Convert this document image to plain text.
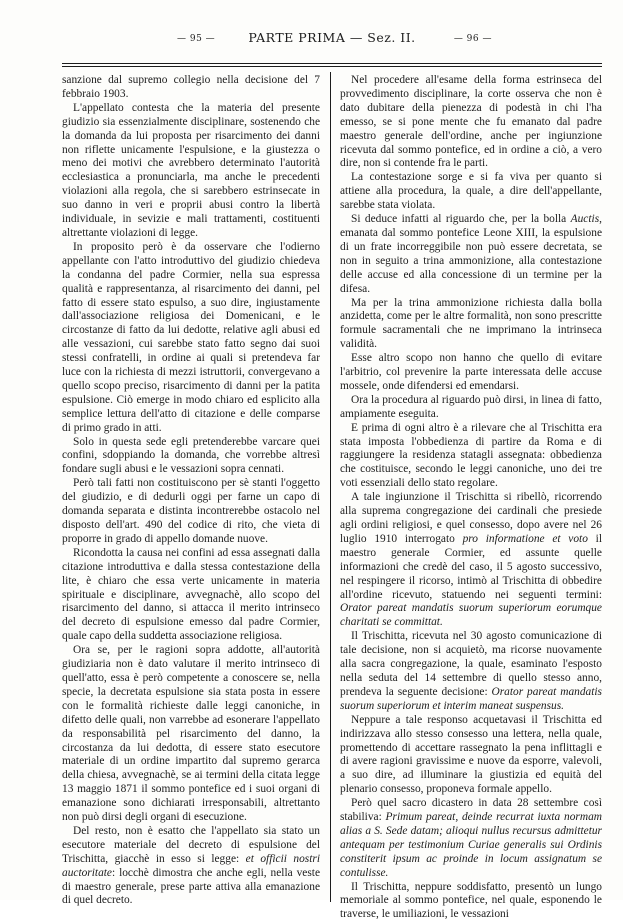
— 95 —	PARTE PRIMA — Sez. II.	— 96 —

sanzione dal supremo collegio nella decisione del 7 febbraio 1903.

L'appellato contesta che la materia del presente giudizio sia essenzialmente disciplinare, sostenendo che la domanda da lui proposta per risarcimento dei danni non riflette unicamente l'espulsione, e la giustezza o meno dei motivi che avrebbero determinato l'autorità ecclesiastica a pronunciarla, ma anche le precedenti violazioni alla regola, che si sarebbero estrinsecate in suo danno in veri e proprii abusi contro la libertà individuale, in sevizie e mali trattamenti, costituenti altrettante violazioni di legge.

In proposito però è da osservare che l'odierno appellante con l'atto introduttivo del giudizio chiedeva la condanna del padre Cormier, nella sua espressa qualità e rappresentanza, al risarcimento dei danni, pel fatto di essere stato espulso, a suo dire, ingiustamente dall'associazione religiosa dei Domenicani, e le circostanze di fatto da lui dedotte, relative agli abusi ed alle vessazioni, cui sarebbe stato fatto segno dai suoi stessi confratelli, in ordine ai quali si pretendeva far luce con la richiesta di mezzi istruttorii, convergevano a quello scopo preciso, risarcimento di danni per la patita espulsione. Ciò emerge in modo chiaro ed esplicito alla semplice lettura dell'atto di citazione e delle comparse di primo grado in atti.

Solo in questa sede egli pretenderebbe varcare quei confini, sdoppiando la domanda, che vorrebbe altresì fondare sugli abusi e le vessazioni sopra cennati.

Però tali fatti non costituiscono per sè stanti l'oggetto del giudizio, e di dedurli oggi per farne un capo di domanda separata e distinta incontrerebbe ostacolo nel disposto dell'art. 490 del codice di rito, che vieta di proporre in grado di appello domande nuove.

Ricondotta la causa nei confini ad essa assegnati dalla citazione introduttiva e dalla stessa contestazione della lite, è chiaro che essa verte unicamente in materia spirituale e disciplinare, avvegnachè, allo scopo del risarcimento del danno, si attacca il merito intrinseco del decreto di espulsione emesso dal padre Cormier, quale capo della suddetta associazione religiosa.

Ora se, per le ragioni sopra addotte, all'autorità giudiziaria non è dato valutare il merito intrinseco di quell'atto, essa è però competente a conoscere se, nella specie, la decretata espulsione sia stata posta in essere con le formalità richieste dalle leggi canoniche, in difetto delle quali, non varrebbe ad esonerare l'appellato da responsabilità pel risarcimento del danno, la circostanza da lui dedotta, di essere stato esecutore materiale di un ordine impartito dal supremo gerarca della chiesa, avvegnachè, se ai termini della citata legge 13 maggio 1871 il sommo pontefice ed i suoi organi di emanazione sono dichiarati irresponsabili, altrettanto non può dirsi degli organi di esecuzione.

Del resto, non è esatto che l'appellato sia stato un esecutore materiale del decreto di espulsione del Trischitta, giacchè in esso si legge: et officii nostri auctoritate: locchè dimostra che anche egli, nella veste di maestro generale, prese parte attiva alla emanazione di quel decreto.

Nel procedere all'esame della forma estrinseca del provvedimento disciplinare, la corte osserva che non è dato dubitare della pienezza di podestà in chi l'ha emesso, se si pone mente che fu emanato dal padre maestro generale dell'ordine, anche per ingiunzione ricevuta dal sommo pontefice, ed in ordine a ciò, a vero dire, non si contende fra le parti.

La contestazione sorge e si fa viva per quanto si attiene alla procedura, la quale, a dire dell'appellante, sarebbe stata violata.

Si deduce infatti al riguardo che, per la bolla Auctis, emanata dal sommo pontefice Leone XIII, la espulsione di un frate incorreggibile non può essere decretata, se non in seguito a trina ammonizione, alla contestazione delle accuse ed alla concessione di un termine per la difesa.

Ma per la trina ammonizione richiesta dalla bolla anzidetta, come per le altre formalità, non sono prescritte formule sacramentali che ne imprimano la intrinseca validità.

Esse altro scopo non hanno che quello di evitare l'arbitrio, col prevenire la parte interessata delle accuse mossele, onde difendersi ed emendarsi.

Ora la procedura al riguardo può dirsi, in linea di fatto, ampiamente eseguita.

E prima di ogni altro è a rilevare che al Trischitta era stata imposta l'obbedienza di partire da Roma e di raggiungere la residenza statagli assegnata: obbedienza che costituisce, secondo le leggi canoniche, uno dei tre voti essenziali dello stato regolare.

A tale ingiunzione il Trischitta si ribellò, ricorrendo alla suprema congregazione dei cardinali che presiede agli ordini religiosi, e quel consesso, dopo avere nel 26 luglio 1910 interrogato pro informatione et voto il maestro generale Cormier, ed assunte quelle informazioni che credè del caso, il 5 agosto successivo, nel respingere il ricorso, intimò al Trischitta di obbedire all'ordine ricevuto, statuendo nei seguenti termini: Orator pareat mandatis suorum superiorum eorumque charitati se committat.

Il Trischitta, ricevuta nel 30 agosto comunicazione di tale decisione, non si acquietò, ma ricorse nuovamente alla sacra congregazione, la quale, esaminato l'esposto nella seduta del 14 settembre di quello stesso anno, prendeva la seguente decisione: Orator pareat mandatis suorum superiorum et interim maneat suspensus.

Neppure a tale responso acquetavasi il Trischitta ed indirizzava allo stesso consesso una lettera, nella quale, promettendo di accettare rassegnato la pena inflittagli e di avere ragioni gravissime e nuove da esporre, valevoli, a suo dire, ad illuminare la giustizia ed equità del plenario consesso, proponeva formale appello.

Però quel sacro dicastero in data 28 settembre così stabiliva: Primum pareat, deinde recurrat iuxta normam alias a S. Sede datam; alioqui nullus recursus admittetur antequam per testimonium Curiae generalis sui Ordinis constiterit ipsum ac proinde in locum assignatum se contulisse.

Il Trischitta, neppure soddisfatto, presentò un lungo memoriale al sommo pontefice, nel quale, esponendo le traverse, le umiliazioni, le vessazioni
